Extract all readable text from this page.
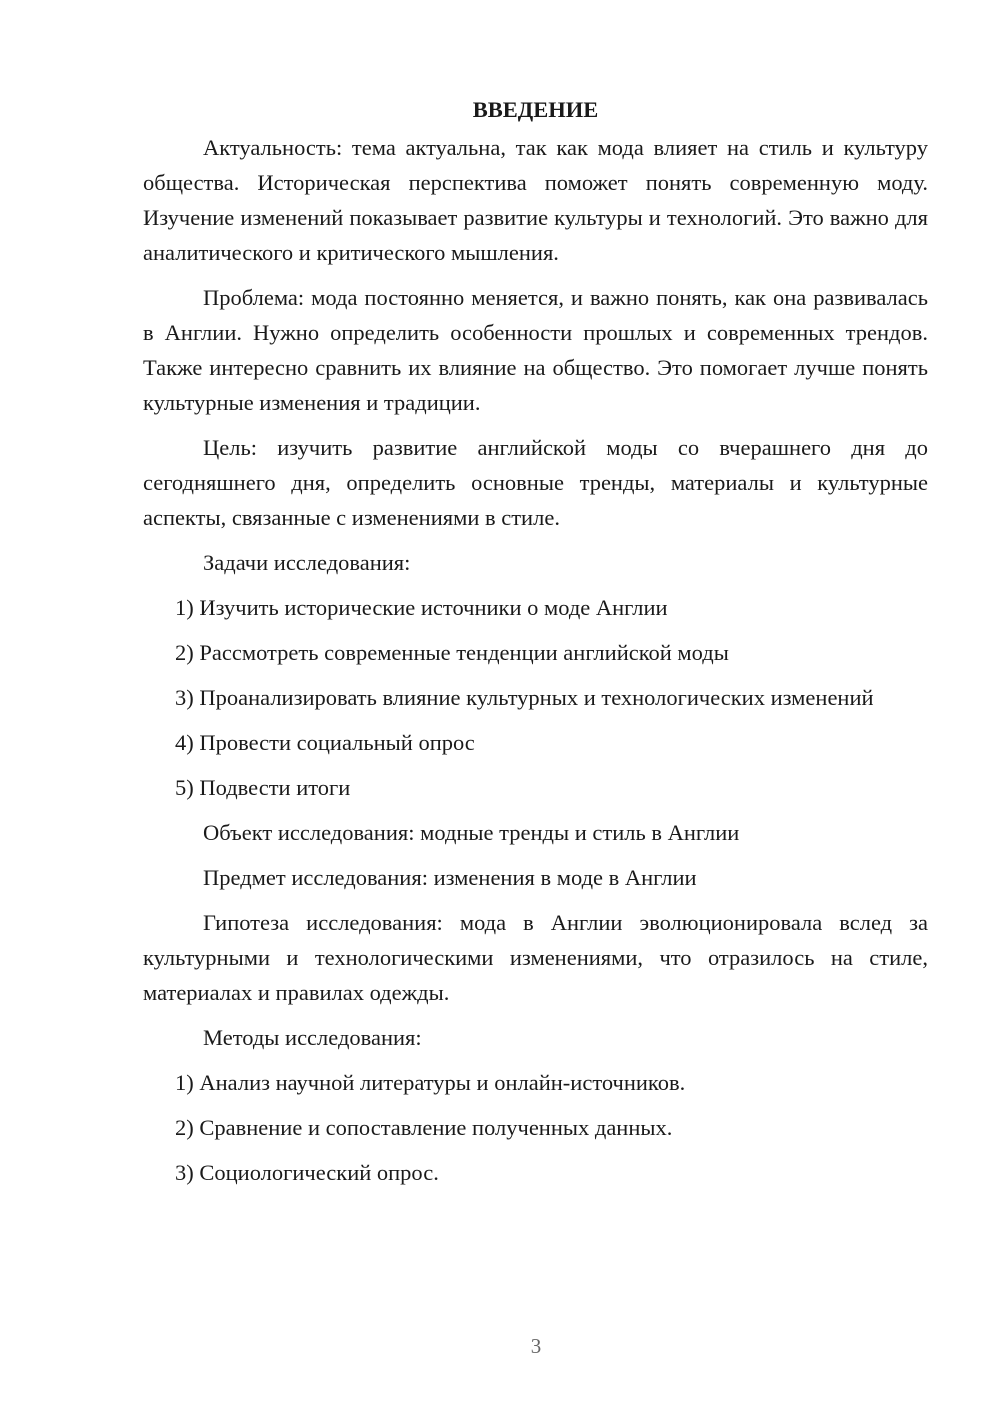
ВВЕДЕНИЕ

Актуальность: тема актуальна, так как мода влияет на стиль и культуру общества. Историческая перспектива поможет понять современную моду. Изучение изменений показывает развитие культуры и технологий. Это важно для аналитического и критического мышления.

Проблема: мода постоянно меняется, и важно понять, как она развивалась в Англии. Нужно определить особенности прошлых и современных трендов. Также интересно сравнить их влияние на общество. Это помогает лучше понять культурные изменения и традиции.

Цель: изучить развитие английской моды со вчерашнего дня до сегодняшнего дня, определить основные тренды, материалы и культурные аспекты, связанные с изменениями в стиле.

Задачи исследования:

1) Изучить исторические источники о моде Англии

2) Рассмотреть современные тенденции английской моды

3) Проанализировать влияние культурных и технологических изменений

4) Провести социальный опрос

5) Подвести итоги

Объект исследования: модные тренды и стиль в Англии

Предмет исследования: изменения в моде в Англии

Гипотеза исследования: мода в Англии эволюционировала вслед за культурными и технологическими изменениями, что отразилось на стиле, материалах и правилах одежды.

Методы исследования:

1) Анализ научной литературы и онлайн-источников.

2) Сравнение и сопоставление полученных данных.

3) Социологический опрос.

3
